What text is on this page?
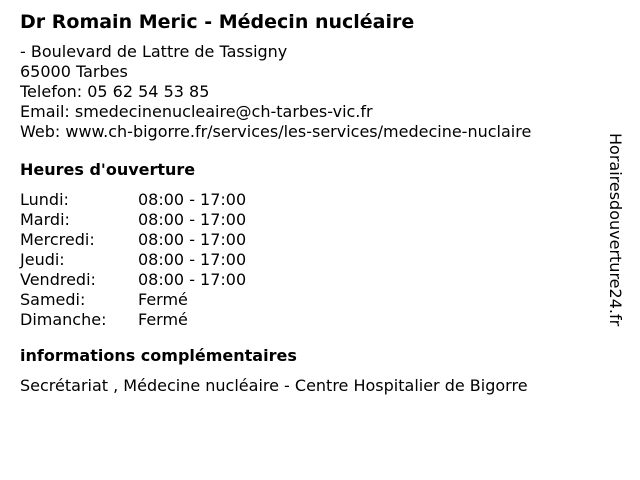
Dr Romain Meric - Médecin nucléaire
- Boulevard de Lattre de Tassigny
65000 Tarbes
Telefon: 05 62 54 53 85
Email: smedecinenucleaire@ch-tarbes-vic.fr
Web: www.ch-bigorre.fr/services/les-services/medecine-nuclaire
Heures d'ouverture
Lundi:	08:00 - 17:00
Mardi:	08:00 - 17:00
Mercredi:	08:00 - 17:00
Jeudi:	08:00 - 17:00
Vendredi:	08:00 - 17:00
Samedi:	Fermé
Dimanche:	Fermé
informations complémentaires
Secrétariat , Médecine nucléaire - Centre Hospitalier de Bigorre
Horairesdouverture24.fr
